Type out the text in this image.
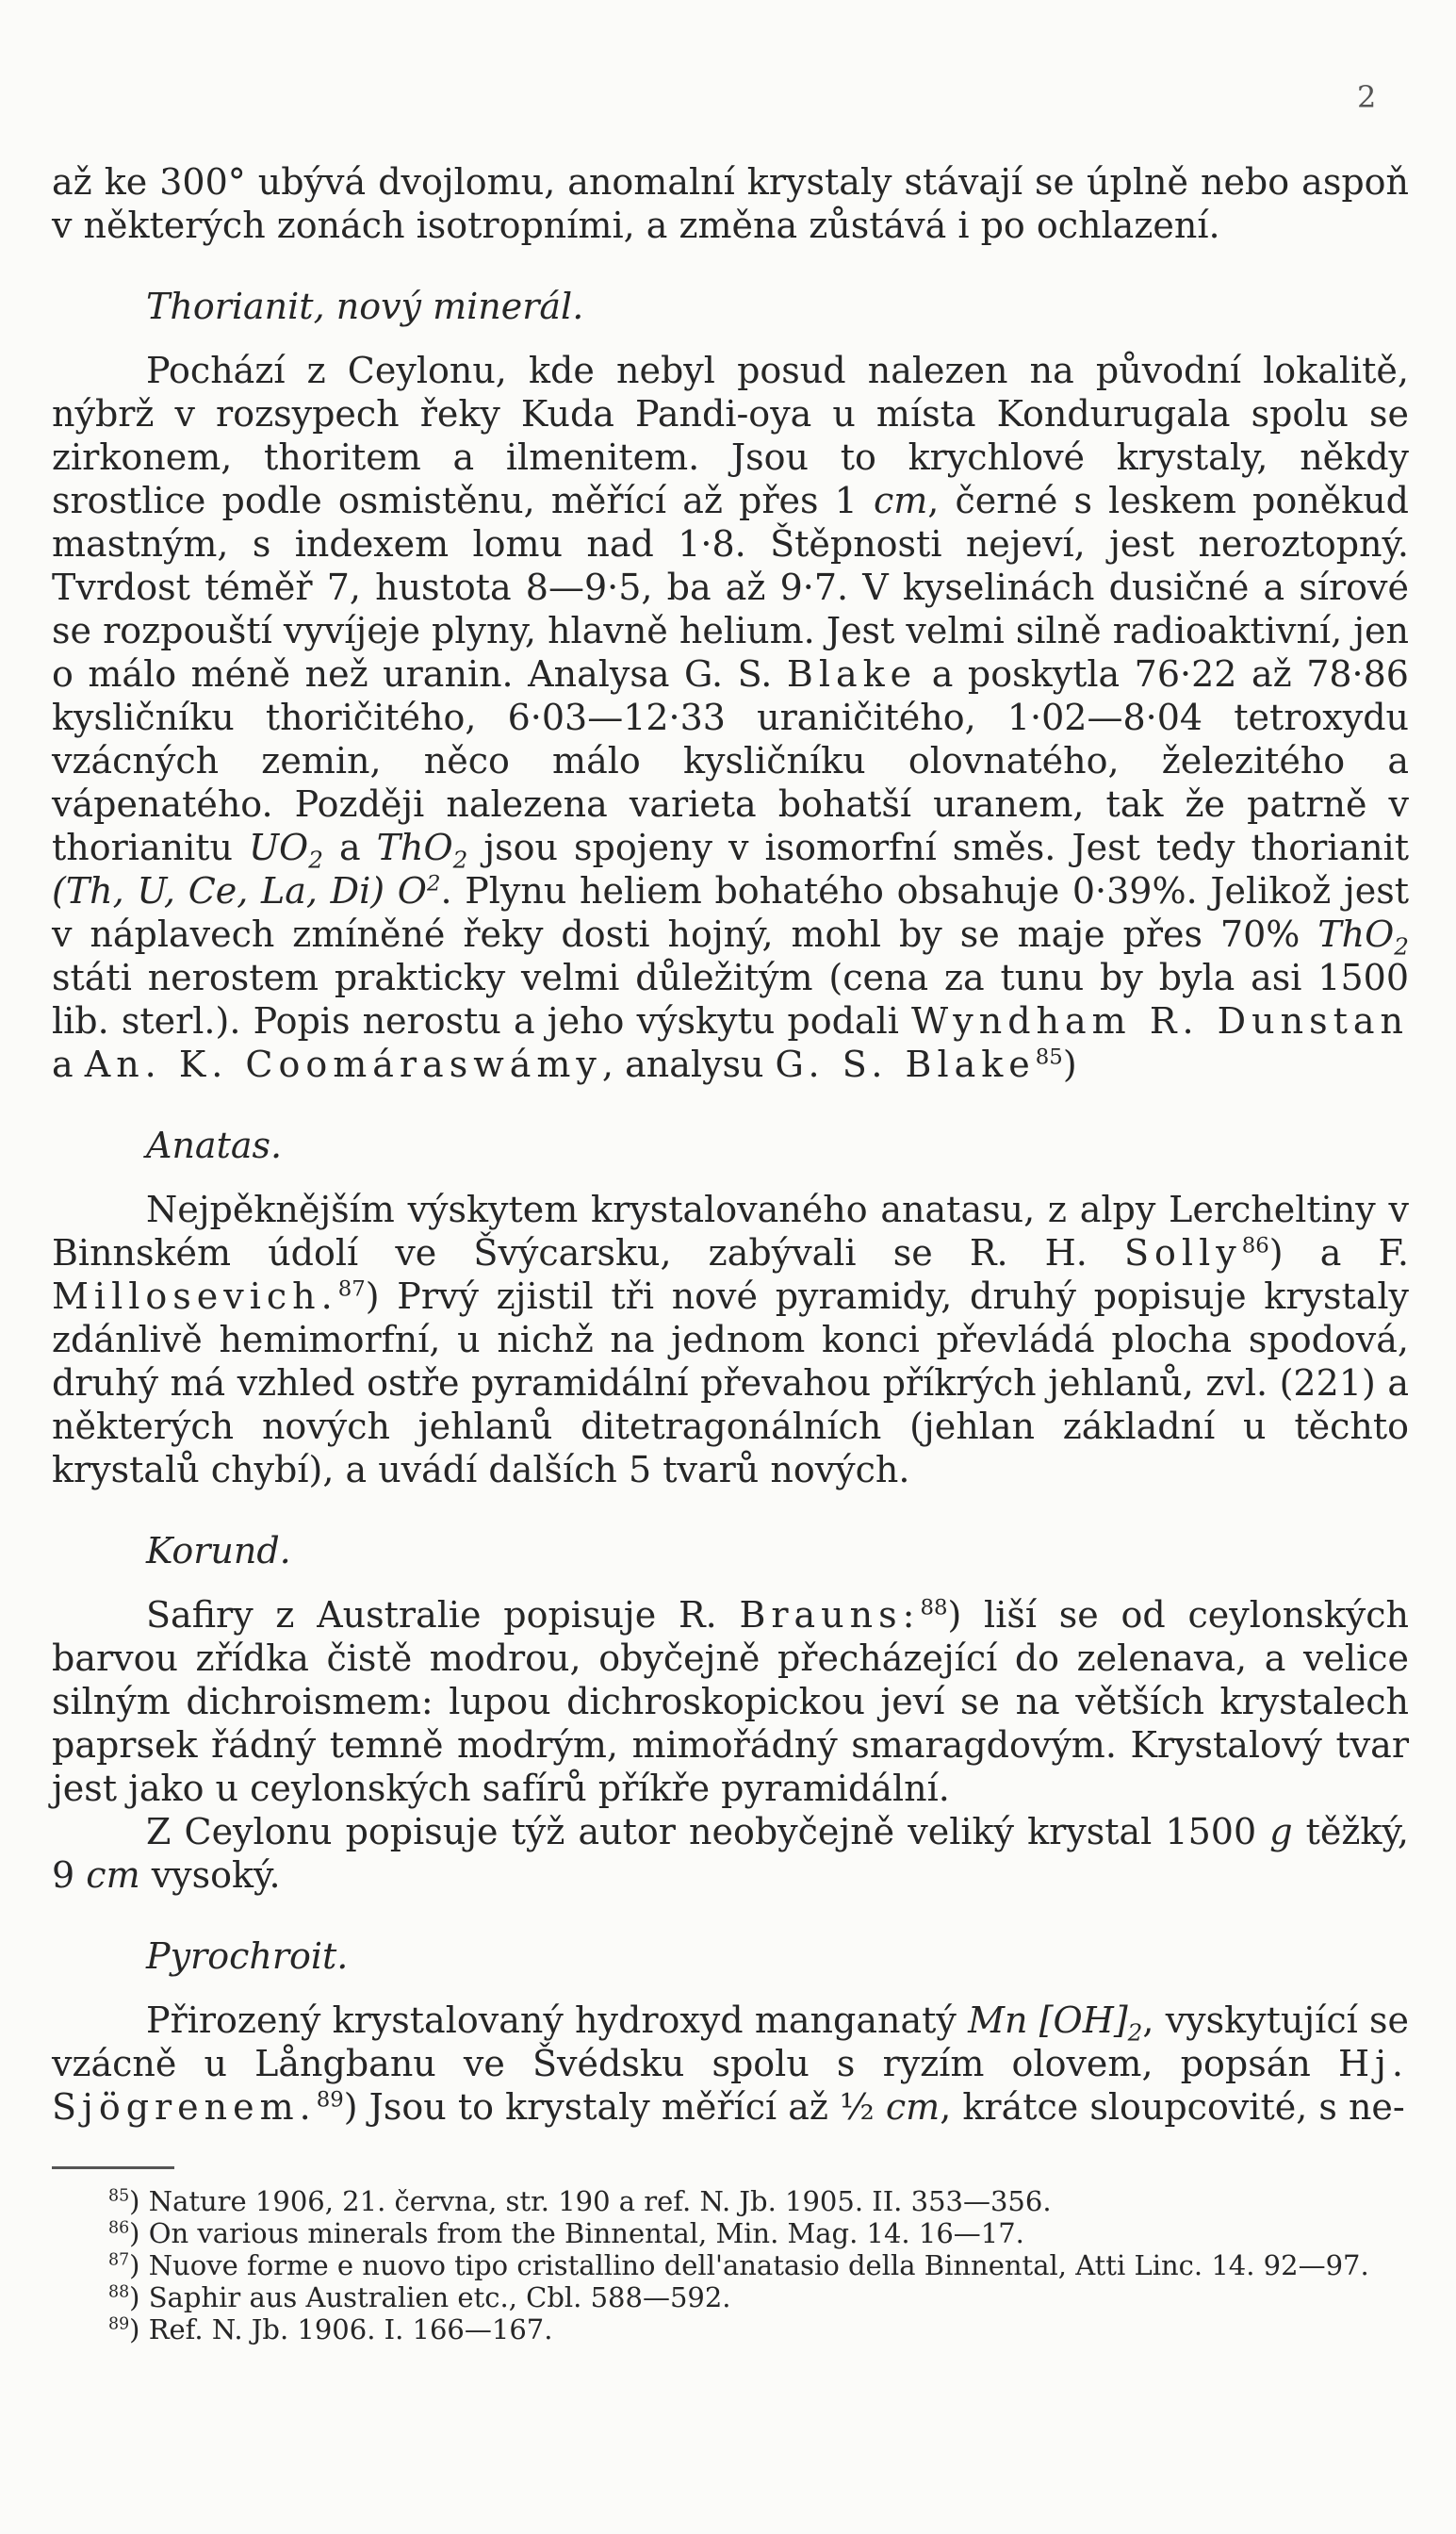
2

až ke 300° ubývá dvojlomu, anomalní krystaly stávají se úplně nebo aspoň v některých zonách isotropními, a změna zůstává i po ochlazení.

Thorianit, nový minerál.

Pochází z Ceylonu, kde nebyl posud nalezen na původní lokalitě, nýbrž v rozsypech řeky Kuda Pandi-oya u místa Kondurugala spolu se zirkonem, thoritem a ilmenitem. Jsou to krychlové krystaly, někdy srostlice podle osmistěnu, měřící až přes 1 cm, černé s leskem poněkud mastným, s indexem lomu nad 1·8. Štěpnosti nejeví, jest neroztopný. Tvrdost téměř 7, hustota 8—9·5, ba až 9·7. V kyselinách dusičné a sírové se rozpouští vyvíjeje plyny, hlavně helium. Jest velmi silně radioaktivní, jen o málo méně než uranin. Analysa G. S. Blake a poskytla 76·22 až 78·86 kysličníku thoričitého, 6·03—12·33 uraničitého, 1·02—8·04 tetroxydu vzácných zemin, něco málo kysličníku olovnatého, železitého a vápenatého. Později nalezena varieta bohatší uranem, tak že patrně v thorianitu $UO_2$ a ThO$_2$ jsou spojeny v isomorfní směs. Jest tedy thorianit (Th, U, Ce, La, Di) $O^2$. Plynu heliem bohatého obsahuje 0·39%. Jelikož jest v náplavech zmíněné řeky dosti hojný, mohl by se maje přes 70% ThO$_2$ státi nerostem prakticky velmi důležitým (cena za tunu by byla asi 1500 lib. sterl.). Popis nerostu a jeho výskytu podali Wyndham R. Dunstan a An. K. Coomáraswámy, analysu G. S. Blake$^{85}$)

Anatas.

Nejpěknějším výskytem krystalovaného anatasu, z alpy Lercheltiny v Binnském údolí ve Švýcarsku, zabývali se R. H. Solly$^{86}$) a F. Millosevich.$^{87}$) Prvý zjistil tři nové pyramidy, druhý popisuje krystaly zdánlivě hemimorfní, u nichž na jednom konci převládá plocha spodová, druhý má vzhled ostře pyramidální převahou příkrých jehlanů, zvl. (221) a některých nových jehlanů ditetragonálních (jehlan základní u těchto krystalů chybí), a uvádí dalších 5 tvarů nových.

Korund.

Safiry z Australie popisuje R. Brauns:$^{88}$) liší se od ceylonských barvou zřídka čistě modrou, obyčejně přecházející do zelenava, a velice silným dichroismem: lupou dichroskopickou jeví se na větších krystalech paprsek řádný temně modrým, mimořádný smaragdovým. Krystalový tvar jest jako u ceylonských safírů příkře pyramidální.

Z Ceylonu popisuje týž autor neobyčejně veliký krystal 1500 g těžký, 9 cm vysoký.

Pyrochroit.

Přirozený krystalovaný hydroxyd manganatý Mn $[OH]_2$, vyskytující se vzácně u Långbanu ve Švédsku spolu s ryzím olovem, popsán Hj. Sjögrenem.$^{89}$) Jsou to krystaly měřící až ½ cm, krátce sloupcovité, s ne-

$^{85}$) Nature 1906, 21. června, str. 190 a ref. N. Jb. 1905. II. 353—356.

$^{86}$) On various minerals from the Binnental, Min. Mag. 14. 16—17.

$^{87}$) Nuove forme e nuovo tipo cristallino dell'anatasio della Binnental, Atti Linc. 14. 92—97.

$^{88}$) Saphir aus Australien etc., Cbl. 588—592.

$^{89}$) Ref. N. Jb. 1906. I. 166—167.
